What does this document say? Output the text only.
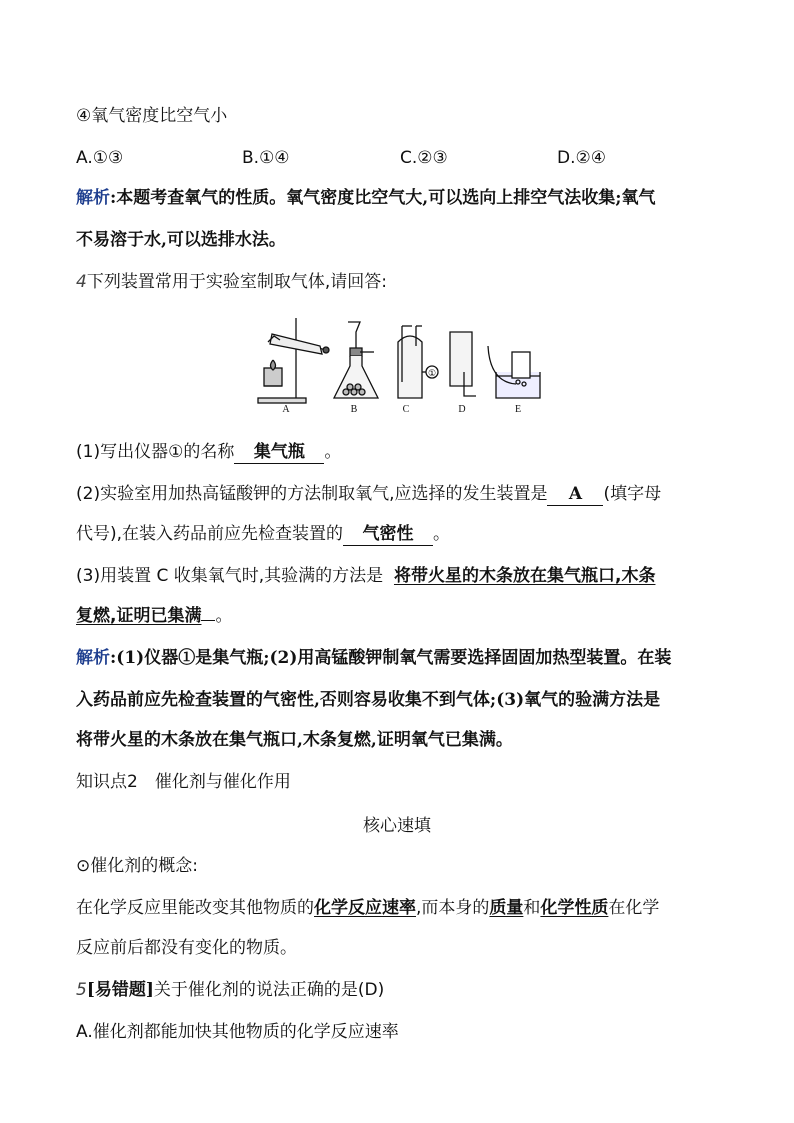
④氧气密度比空气小
A.①③	B.①④	C.②③	D.②④
解析:本题考查氧气的性质。氧气密度比空气大,可以选向上排空气法收集;氧气
不易溶于水,可以选排水法。
4下列装置常用于实验室制取气体,请回答:
①
A	B	C	D	E
(1)写出仪器①的名称 集气瓶 。
(2)实验室用加热高锰酸钾的方法制取氧气,应选择的发生装置是 A (填字母
代号),在装入药品前应先检查装置的 气密性 。
(3)用装置 C 收集氧气时,其验满的方法是 将带火星的木条放在集气瓶口,木条
复燃,证明已集满 。
解析:(1)仪器①是集气瓶;(2)用高锰酸钾制氧气需要选择固固加热型装置。在装
入药品前应先检查装置的气密性,否则容易收集不到气体;(3)氧气的验满方法是
将带火星的木条放在集气瓶口,木条复燃,证明氧气已集满。
知识点2　催化剂与催化作用
核心速填
⊙催化剂的概念:
在化学反应里能改变其他物质的化学反应速率,而本身的质量和化学性质在化学
反应前后都没有变化的物质。
5[易错题]关于催化剂的说法正确的是(D)
A.催化剂都能加快其他物质的化学反应速率
